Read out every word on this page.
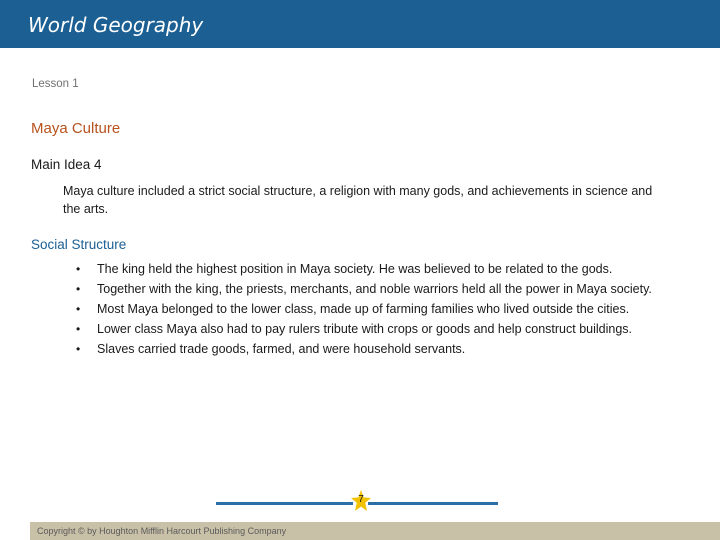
World Geography
Lesson 1
Maya Culture
Main Idea 4
Maya culture included a strict social structure, a religion with many gods, and achievements in science and the arts.
Social Structure
• The king held the highest position in Maya society. He was believed to be related to the gods.
• Together with the king, the priests, merchants, and noble warriors held all the power in Maya society.
• Most Maya belonged to the lower class, made up of farming families who lived outside the cities.
• Lower class Maya also had to pay rulers tribute with crops or goods and help construct buildings.
• Slaves carried trade goods, farmed, and were household servants.
7
Copyright © by Houghton Mifflin Harcourt Publishing Company
